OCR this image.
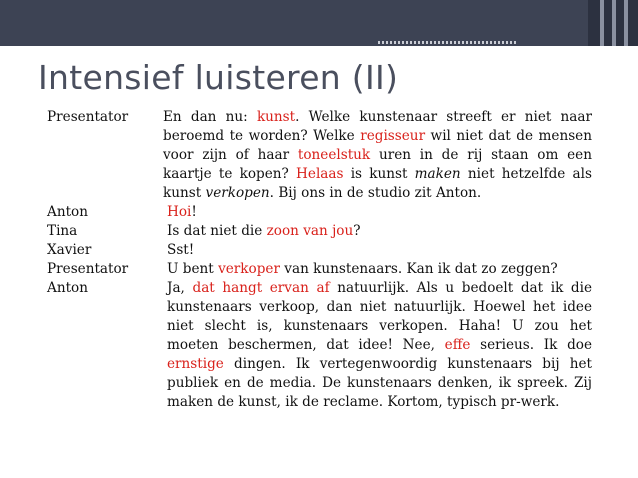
Intensief luisteren (II)
Presentator	En dan nu: kunst. Welke kunstenaar streeft er niet naar beroemd te worden? Welke regisseur wil niet dat de mensen voor zijn of haar toneelstuk uren in de rij staan om een kaartje te kopen? Helaas is kunst maken niet hetzelfde als kunst verkopen. Bij ons in de studio zit Anton.
Anton	Hoi!
Tina	Is dat niet die zoon van jou?
Xavier	Sst!
Presentator	U bent verkoper van kunstenaars. Kan ik dat zo zeggen?
Anton	Ja, dat hangt ervan af natuurlijk. Als u bedoelt dat ik die kunstenaars verkoop, dan niet natuurlijk. Hoewel het idee niet slecht is, kunstenaars verkopen. Haha! U zou het moeten beschermen, dat idee! Nee, effe serieus. Ik doe ernstige dingen. Ik vertegenwoordig kunstenaars bij het publiek en de media. De kunstenaars denken, ik spreek. Zij maken de kunst, ik de reclame. Kortom, typisch pr-werk.
